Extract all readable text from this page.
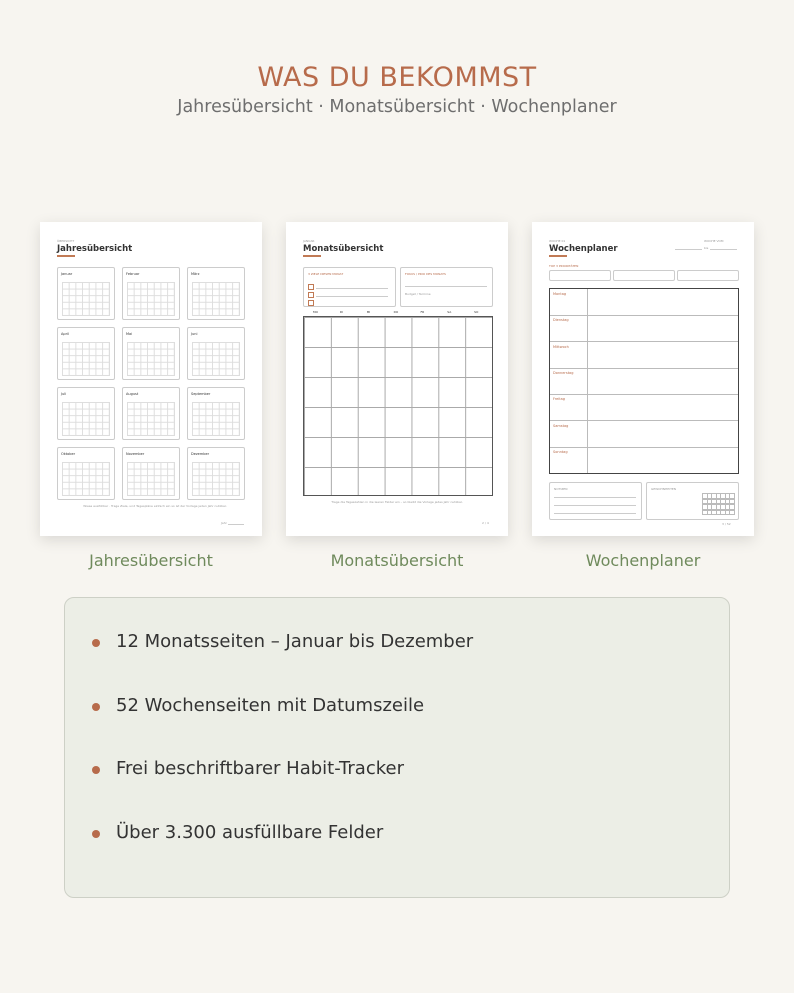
WAS DU BEKOMMST
Jahresübersicht · Monatsübersicht · Wochenplaner
ÜBERSICHT
Jahresübersicht
Januar	Februar	März
April	Mai	Juni
Juli	August	September
Oktober	November	Dezember
Wiese ausfüllbar · Trage Ziele, und Tagespläne einfach ein so ist der Vorlage jeden Jahr nutzbar.
Jahr
JANUAR
Monatsübersicht
3 ZIELE DIESEN MONAT	FOKUS / PRIO DES MONATS
Budget / Termine
MO	DI	MI	DO	FR	SA	SO
Trage die Tageszahlen in die leeren Felder ein – so bleibt die Vorlage jedes Jahr nutzbar.
2 / 4
WOCHE 01	WOCHE VOM
Wochenplaner	bis
TOP 3 PRIORITÄTEN
Montag
Dienstag
Mittwoch
Donnerstag
Freitag
Samstag
Sonntag
NOTIZEN	GEWOHNHEITEN
3 / 52
Jahresübersicht	Monatsübersicht	Wochenplaner
12 Monatsseiten – Januar bis Dezember
52 Wochenseiten mit Datumszeile
Frei beschriftbarer Habit-Tracker
Über 3.300 ausfüllbare Felder
